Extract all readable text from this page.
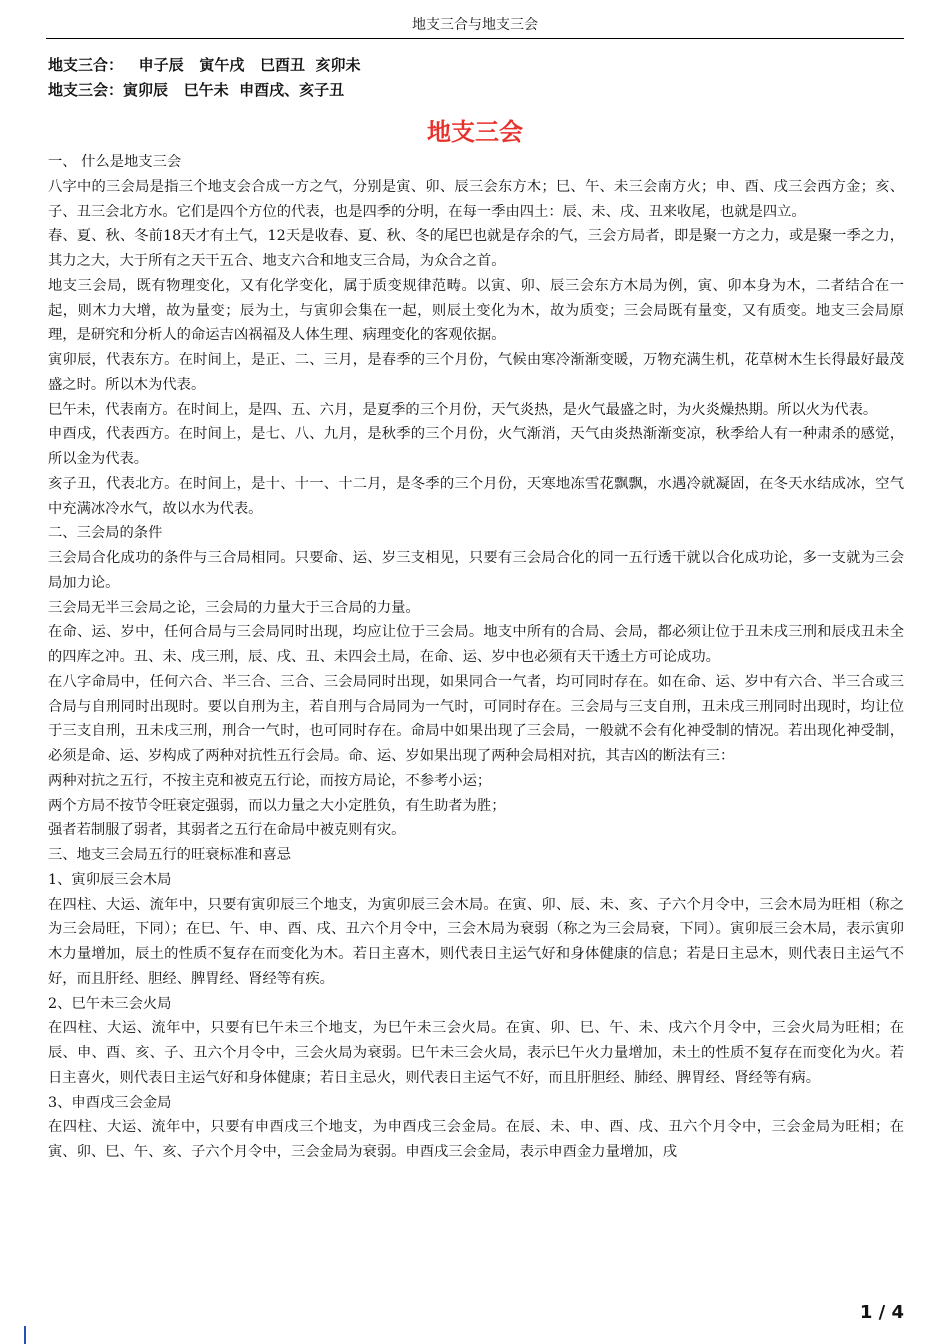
地支三合与地支三会
地支三合：   申子辰   寅午戌   巳酉丑  亥卯未
地支三会：寅卯辰   巳午未  申酉戌、亥子丑
地支三会

一、 什么是地支三会

八字中的三会局是指三个地支会合成一方之气，分别是寅、卯、辰三会东方木；巳、午、未三会南方火；申、酉、戌三会西方金；亥、子、丑三会北方水。它们是四个方位的代表，也是四季的分明，在每一季由四土：辰、未、戌、丑来收尾，也就是四立。

春、夏、秋、冬前18天才有土气，12天是收春、夏、秋、冬的尾巴也就是存余的气，三会方局者，即是聚一方之力，或是聚一季之力，其力之大，大于所有之天干五合、地支六合和地支三合局，为众合之首。

地支三会局，既有物理变化，又有化学变化，属于质变规律范畴。以寅、卯、辰三会东方木局为例，寅、卯本身为木，二者结合在一起，则木力大增，故为量变；辰为土，与寅卯会集在一起，则辰土变化为木，故为质变；三会局既有量变，又有质变。地支三会局原理，是研究和分析人的命运吉凶祸福及人体生理、病理变化的客观依据。

寅卯辰，代表东方。在时间上，是正、二、三月，是春季的三个月份，气候由寒冷渐渐变暖，万物充满生机，花草树木生长得最好最茂盛之时。所以木为代表。

巳午未，代表南方。在时间上，是四、五、六月，是夏季的三个月份，天气炎热，是火气最盛之时，为火炎燥热期。所以火为代表。

申酉戌，代表西方。在时间上，是七、八、九月，是秋季的三个月份，火气渐消，天气由炎热渐渐变凉，秋季给人有一种肃杀的感觉，所以金为代表。

亥子丑，代表北方。在时间上，是十、十一、十二月，是冬季的三个月份，天寒地冻雪花飘飘，水遇冷就凝固，在冬天水结成冰，空气中充满冰冷水气，故以水为代表。

二、三会局的条件

三会局合化成功的条件与三合局相同。只要命、运、岁三支相见，只要有三会局合化的同一五行透干就以合化成功论，多一支就为三会局加力论。

三会局无半三会局之论，三会局的力量大于三合局的力量。

在命、运、岁中，任何合局与三会局同时出现，均应让位于三会局。地支中所有的合局、会局，都必须让位于丑未戌三刑和辰戌丑未全的四库之冲。丑、未、戌三刑，辰、戌、丑、未四会土局，在命、运、岁中也必须有天干透土方可论成功。

在八字命局中，任何六合、半三合、三合、三会局同时出现，如果同合一气者，均可同时存在。如在命、运、岁中有六合、半三合或三合局与自刑同时出现时。要以自刑为主，若自刑与合局同为一气时，可同时存在。三会局与三支自刑，丑未戌三刑同时出现时，均让位于三支自刑，丑未戌三刑，刑合一气时，也可同时存在。命局中如果出现了三会局，一般就不会有化神受制的情况。若出现化神受制，必须是命、运、岁构成了两种对抗性五行会局。命、运、岁如果出现了两种会局相对抗，其吉凶的断法有三：

两种对抗之五行，不按主克和被克五行论，而按方局论，不参考小运；

两个方局不按节令旺衰定强弱，而以力量之大小定胜负，有生助者为胜；

强者若制服了弱者，其弱者之五行在命局中被克则有灾。

三、地支三会局五行的旺衰标准和喜忌

1、寅卯辰三会木局

在四柱、大运、流年中，只要有寅卯辰三个地支，为寅卯辰三会木局。在寅、卯、辰、未、亥、子六个月令中，三会木局为旺相（称之为三会局旺，下同）；在巳、午、申、酉、戌、丑六个月令中，三会木局为衰弱（称之为三会局衰，下同）。寅卯辰三会木局，表示寅卯木力量增加，辰土的性质不复存在而变化为木。若日主喜木，则代表日主运气好和身体健康的信息；若是日主忌木，则代表日主运气不好，而且肝经、胆经、脾胃经、肾经等有疾。

2、巳午未三会火局

在四柱、大运、流年中，只要有巳午未三个地支，为巳午未三会火局。在寅、卯、巳、午、未、戌六个月令中，三会火局为旺相；在辰、申、酉、亥、子、丑六个月令中，三会火局为衰弱。巳午未三会火局，表示巳午火力量增加，未土的性质不复存在而变化为火。若日主喜火，则代表日主运气好和身体健康；若日主忌火，则代表日主运气不好，而且肝胆经、肺经、脾胃经、肾经等有病。

3、申酉戌三会金局

在四柱、大运、流年中，只要有申酉戌三个地支，为申酉戌三会金局。在辰、未、申、酉、戌、丑六个月令中，三会金局为旺相；在寅、卯、巳、午、亥、子六个月令中，三会金局为衰弱。申酉戌三会金局，表示申酉金力量增加，戌

1 / 4
